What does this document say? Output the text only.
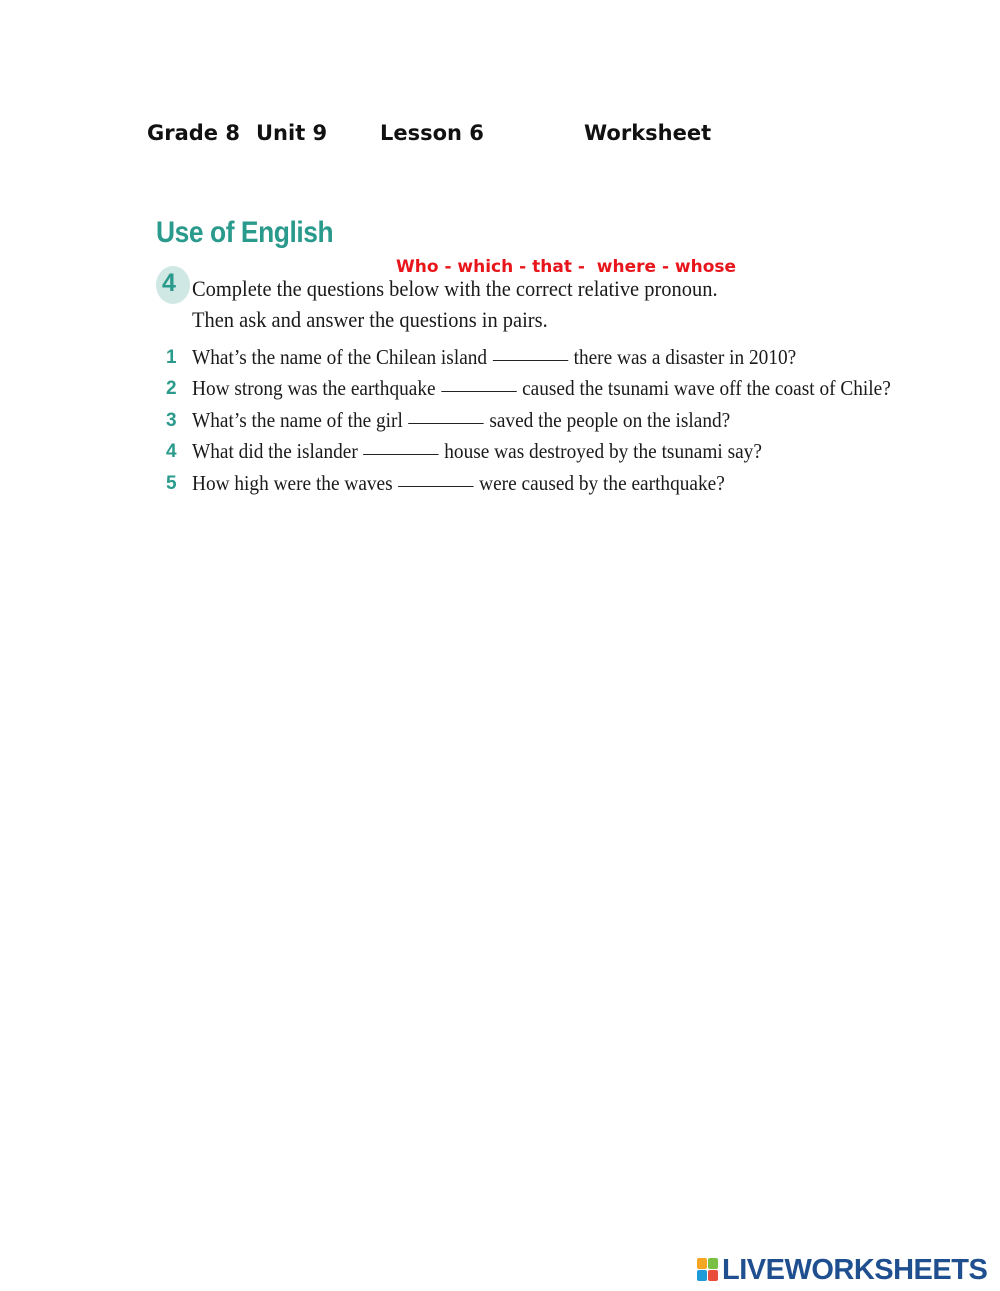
Grade 8 Unit 9	Lesson 6	Worksheet
Use of English
Who - which - that -  where - whose
4 Complete the questions below with the correct relative pronoun.
Then ask and answer the questions in pairs.
1 What’s the name of the Chilean island	there was a disaster in 2010?
2 How strong was the earthquake	caused the tsunami wave off the coast of Chile?
3 What’s the name of the girl	saved the people on the island?
4 What did the islander	house was destroyed by the tsunami say?
5 How high were the waves	were caused by the earthquake?
LIVEWORKSHEETS
